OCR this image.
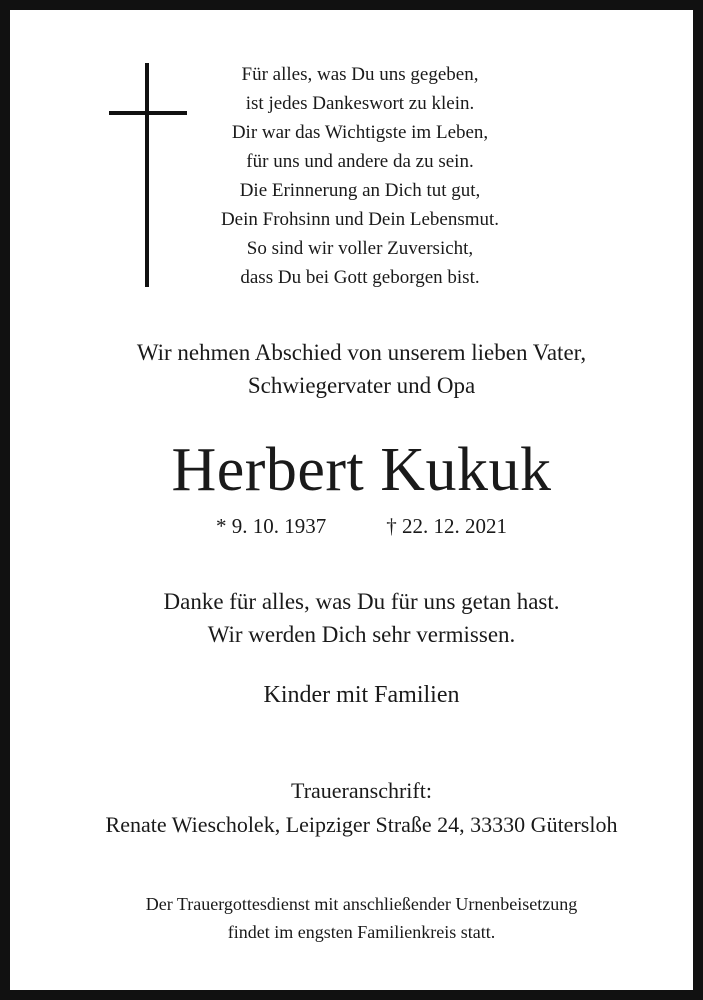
Für alles, was Du uns gegeben,
ist jedes Dankeswort zu klein.
Dir war das Wichtigste im Leben,
für uns und andere da zu sein.
Die Erinnerung an Dich tut gut,
Dein Frohsinn und Dein Lebensmut.
So sind wir voller Zuversicht,
dass Du bei Gott geborgen bist.
Wir nehmen Abschied von unserem lieben Vater,
Schwiegervater und Opa
Herbert Kukuk
* 9. 10. 1937	† 22. 12. 2021
Danke für alles, was Du für uns getan hast.
Wir werden Dich sehr vermissen.
Kinder mit Familien
Traueranschrift:
Renate Wiescholek, Leipziger Straße 24, 33330 Gütersloh
Der Trauergottesdienst mit anschließender Urnenbeisetzung
findet im engsten Familienkreis statt.
